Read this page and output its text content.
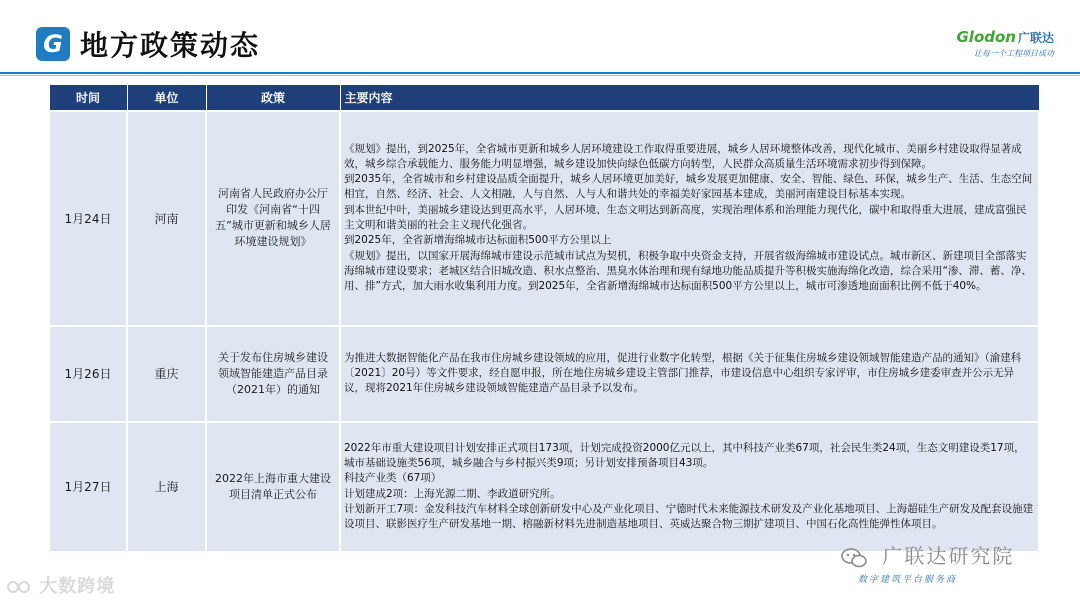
G 地方政策动态	Glodon 广联达
让每一个工程项目成功
时间	单位	政策	主要内容
1月24日	河南	河南省人民政府办公厅印发《河南省“十四五”城市更新和城乡人居环境建设规划》	《规划》提出，到2025年，全省城市更新和城乡人居环境建设工作取得重要进展，城乡人居环境整体改善，现代化城市、美丽乡村建设取得显著成效，城乡综合承载能力、服务能力明显增强，城乡建设加快向绿色低碳方向转型，人民群众高质量生活环境需求初步得到保障。
到2035年，全省城市和乡村建设品质全面提升，城乡人居环境更加美好，城乡发展更加健康、安全、智能、绿色、环保，城乡生产、生活、生态空间相宜，自然、经济、社会、人文相融，人与自然、人与人和谐共处的幸福美好家园基本建成，美丽河南建设目标基本实现。
到本世纪中叶，美丽城乡建设达到更高水平，人居环境、生态文明达到新高度，实现治理体系和治理能力现代化，碳中和取得重大进展，建成富强民主文明和谐美丽的社会主义现代化强省。
到2025年，全省新增海绵城市达标面积500平方公里以上
《规划》提出，以国家开展海绵城市建设示范城市试点为契机，积极争取中央资金支持，开展省级海绵城市建设试点。城市新区、新建项目全部落实海绵城市建设要求；老城区结合旧城改造、积水点整治、黑臭水体治理和现有绿地功能品质提升等积极实施海绵化改造，综合采用“渗、滞、蓄、净、用、排”方式，加大雨水收集利用力度。到2025年，全省新增海绵城市达标面积500平方公里以上，城市可渗透地面面积比例不低于40%。

1月26日	重庆	关于发布住房城乡建设领域智能建造产品目录（2021年）的通知	为推进大数据智能化产品在我市住房城乡建设领域的应用，促进行业数字化转型，根据《关于征集住房城乡建设领域智能建造产品的通知》（渝建科〔2021〕20号）等文件要求，经自愿申报，所在地住房城乡建设主管部门推荐，市建设信息中心组织专家评审，市住房城乡建委审查并公示无异议，现将2021年住房城乡建设领域智能建造产品目录予以发布。

1月27日	上海	2022年上海市重大建设项目清单正式公布	2022年市重大建设项目计划安排正式项目173项，计划完成投资2000亿元以上，其中科技产业类67项，社会民生类24项，生态文明建设类17项，城市基础设施类56项，城乡融合与乡村振兴类9项；另计划安排预备项目43项。
科技产业类（67项）
计划建成2项：上海光源二期、李政道研究所。
计划新开工7项：金发科技汽车材料全球创新研发中心及产业化项目、宁德时代未来能源技术研发及产业化基地项目、上海超硅生产研发及配套设施建设项目、联影医疗生产研发基地一期、榕融新材料先进制造基地项目、英威达聚合物三期扩建项目、中国石化高性能弹性体项目。
大数跨境
广联达研究院
数字建筑平台服务商
